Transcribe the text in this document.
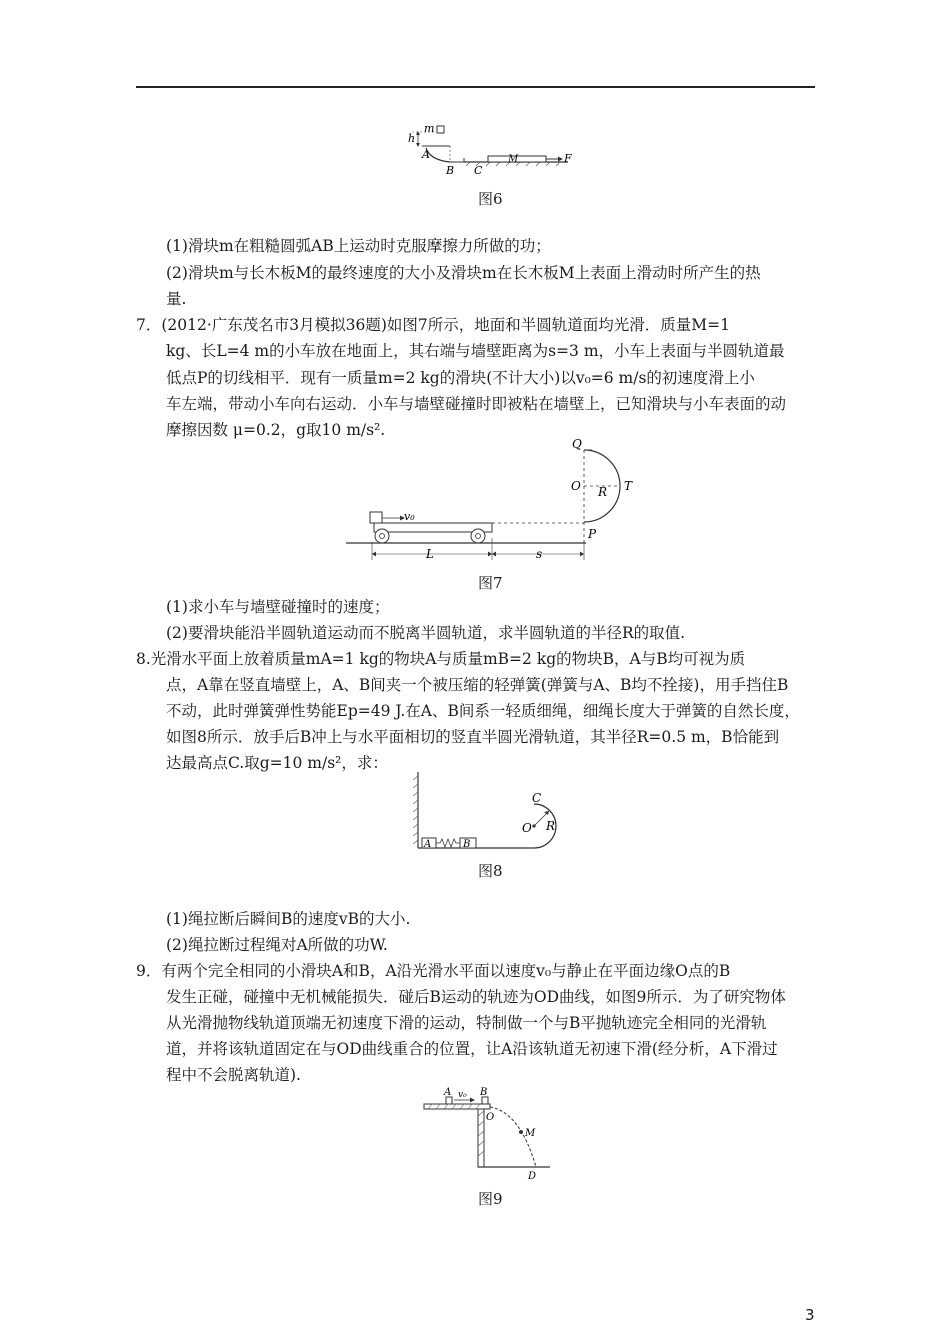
h
m
A
B C
M	F
图6
(1)滑块m在粗糙圆弧AB上运动时克服摩擦力所做的功；
(2)滑块m与长木板M的最终速度的大小及滑块m在长木板M上表面上滑动时所产生的热
量.
7．(2012·广东茂名市3月模拟36题)如图7所示，地面和半圆轨道面均光滑．质量M=1
kg、长L=4 m的小车放在地面上，其右端与墙壁距离为s=3 m，小车上表面与半圆轨道最
低点P的切线相平．现有一质量m=2 kg的滑块(不计大小)以v₀=6 m/s的初速度滑上小
车左端，带动小车向右运动．小车与墙壁碰撞时即被粘在墙壁上，已知滑块与小车表面的动
摩擦因数 μ=0.2，g取10 m/s².
v₀
L	s
Q
O R T
P
图7
(1)求小车与墙壁碰撞时的速度；
(2)要滑块能沿半圆轨道运动而不脱离半圆轨道，求半圆轨道的半径R的取值.
8.光滑水平面上放着质量mA=1 kg的物块A与质量mB=2 kg的物块B，A与B均可视为质
点，A靠在竖直墙壁上，A、B间夹一个被压缩的轻弹簧(弹簧与A、B均不拴接)，用手挡住B
不动，此时弹簧弹性势能Ep=49 J.在A、B间系一轻质细绳，细绳长度大于弹簧的自然长度，
如图8所示．放手后B冲上与水平面相切的竖直半圆光滑轨道，其半径R=0.5 m，B恰能到
达最高点C.取g=10 m/s²，求：
A	B
C
O R
图8
(1)绳拉断后瞬间B的速度vB的大小.
(2)绳拉断过程绳对A所做的功W.
9．有两个完全相同的小滑块A和B，A沿光滑水平面以速度v₀与静止在平面边缘O点的B
发生正碰，碰撞中无机械能损失．碰后B运动的轨迹为OD曲线，如图9所示．为了研究物体
从光滑抛物线轨道顶端无初速度下滑的运动，特制做一个与B平抛轨迹完全相同的光滑轨
道，并将该轨道固定在与OD曲线重合的位置，让A沿该轨道无初速下滑(经分析，A下滑过
程中不会脱离轨道).
A v₀ B
O
M
D
图9
3
